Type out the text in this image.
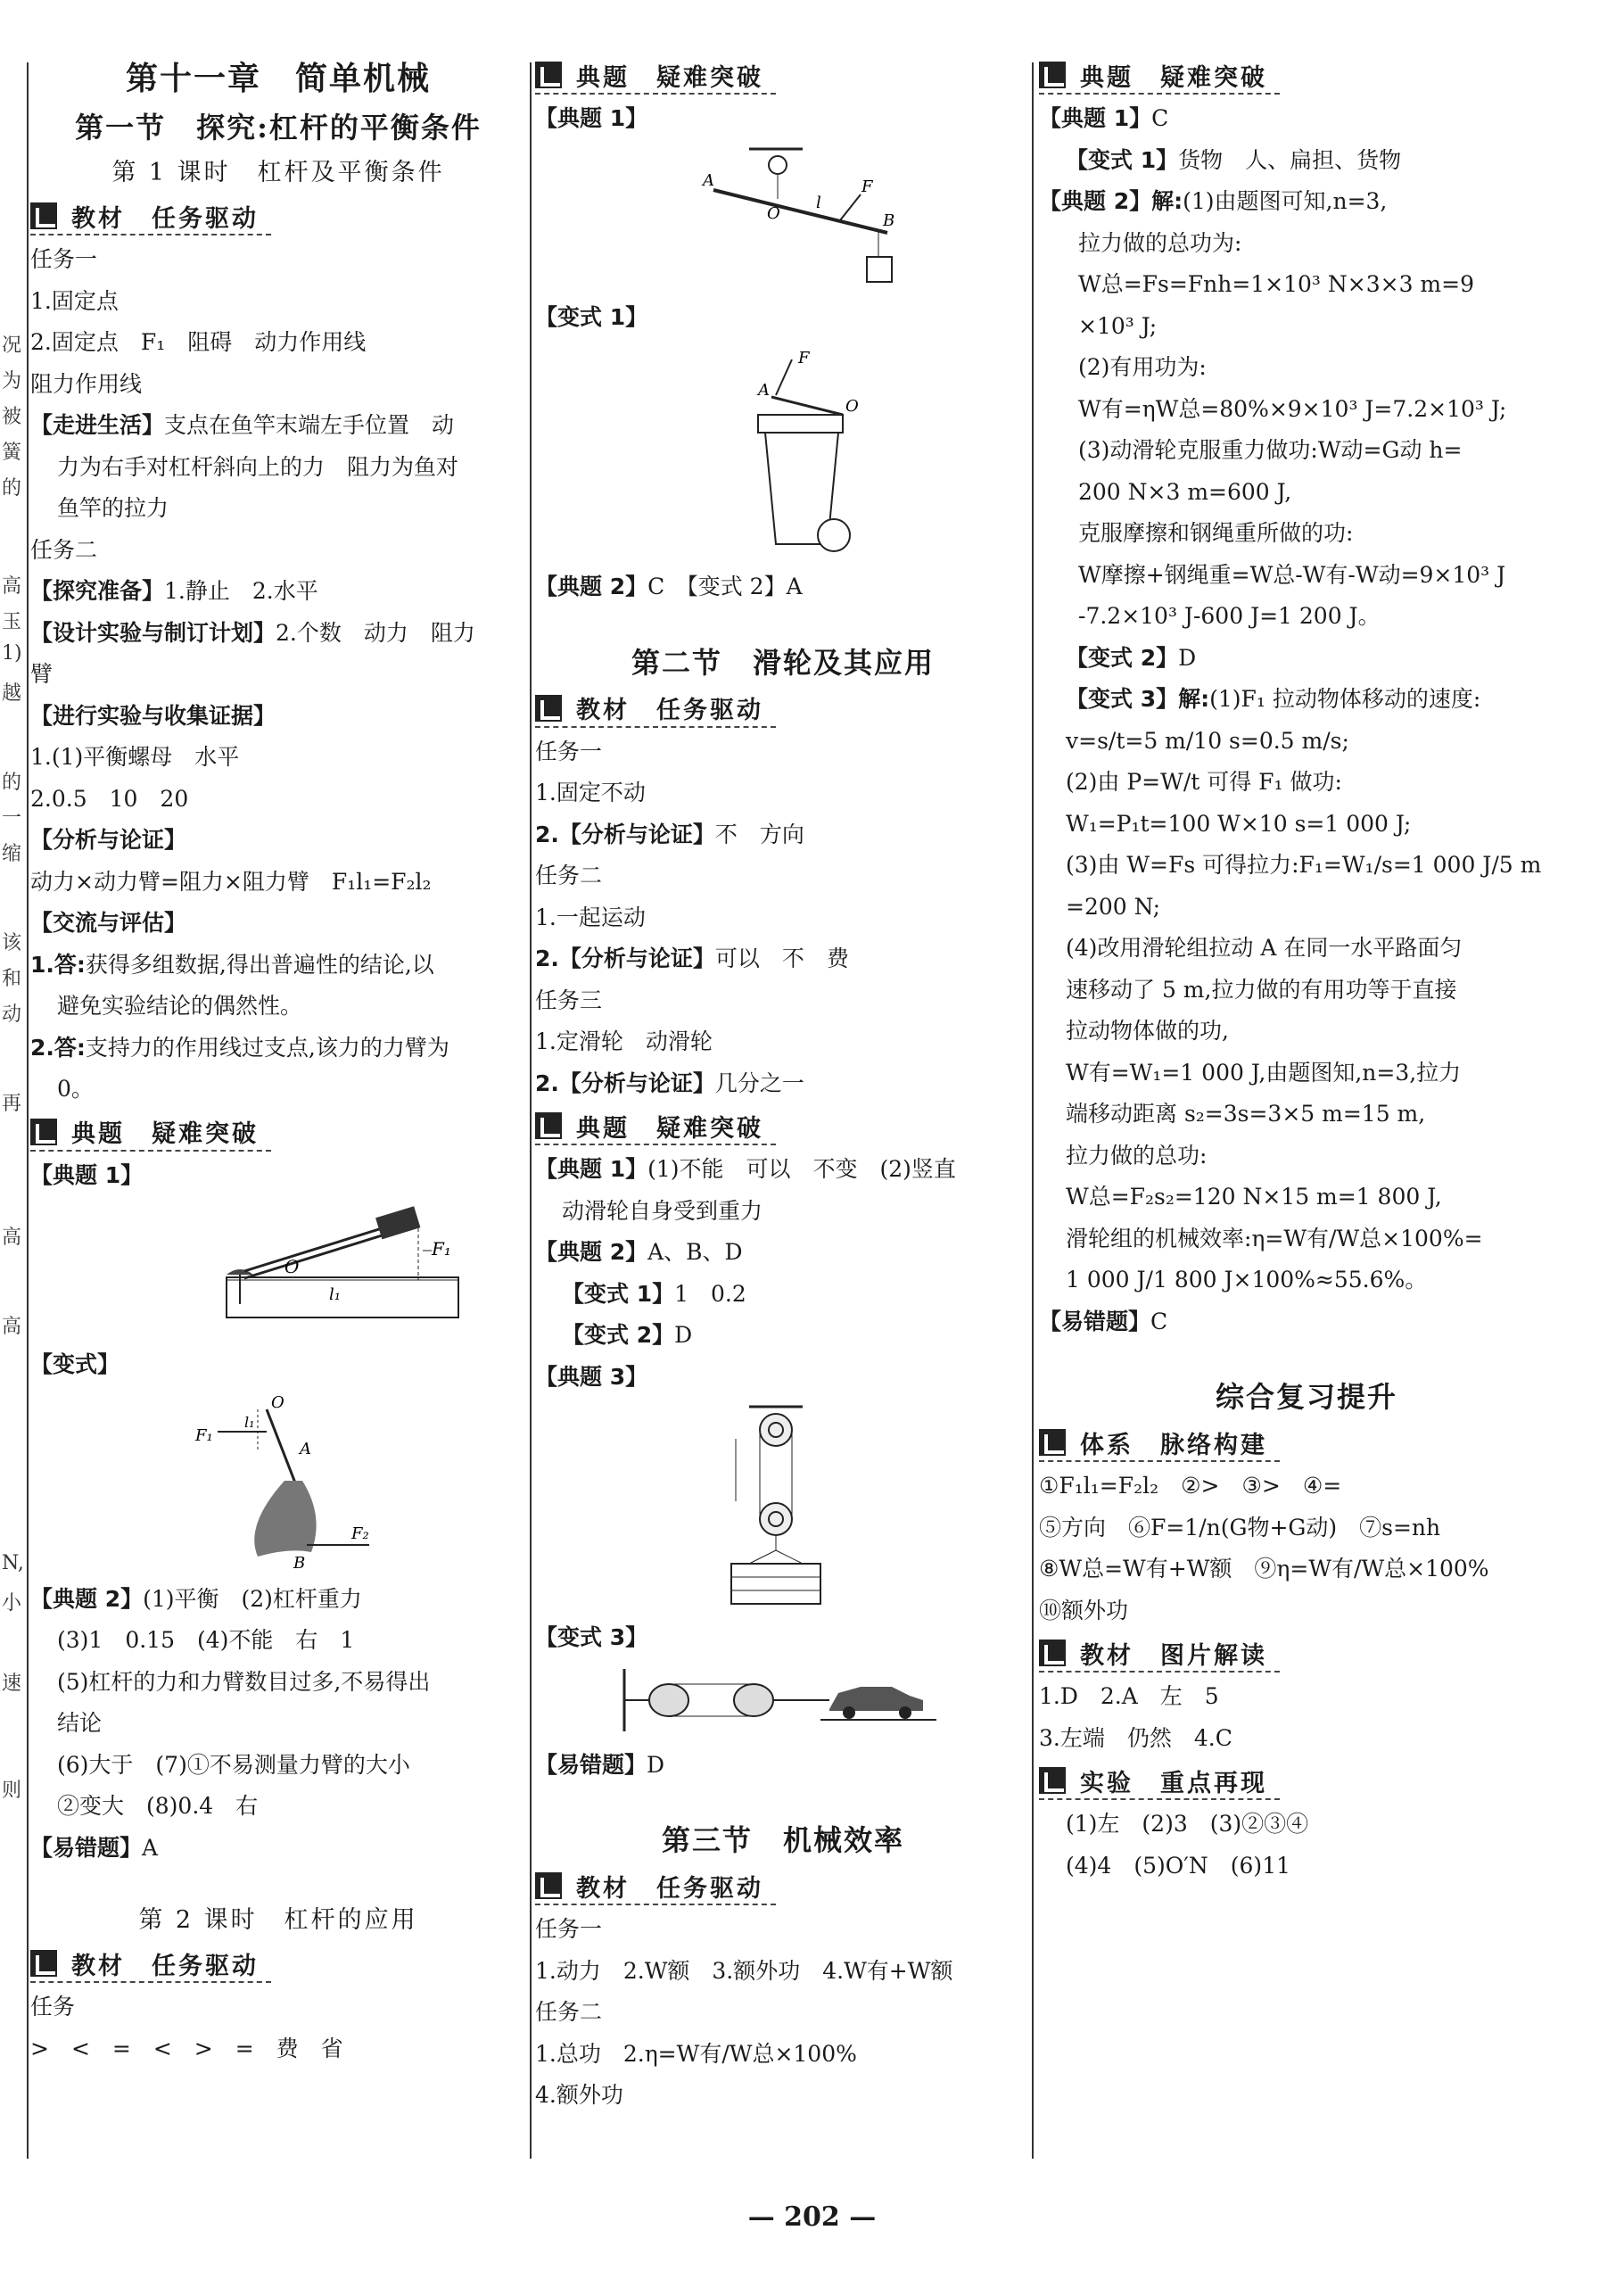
况
为
被
簧
的
高
玉
1)
越
的
一
缩
该
和
动
再
高
高
N,
小
速
则
第十一章　简单机械
第一节　探究:杠杆的平衡条件
第 1 课时　杠杆及平衡条件
教材　任务驱动
任务一
1.固定点
2.固定点　F₁　阻碍　动力作用线
阻力作用线
【走进生活】支点在鱼竿末端左手位置　动
力为右手对杠杆斜向上的力　阻力为鱼对
鱼竿的拉力
任务二
【探究准备】1.静止　2.水平
【设计实验与制订计划】2.个数　动力　阻力
臂
【进行实验与收集证据】
1.(1)平衡螺母　水平
2.0.5　10　20
【分析与论证】
动力×动力臂=阻力×阻力臂　F₁l₁=F₂l₂
【交流与评估】
1.答:获得多组数据,得出普遍性的结论,以
避免实验结论的偶然性。
2.答:支持力的作用线过支点,该力的力臂为
0。
典题　疑难突破
【典题 1】
O
F₁
l₁
【变式】
O
F₁
l₁
A
F₂
B
【典题 2】(1)平衡　(2)杠杆重力
(3)1　0.15　(4)不能　右　1
(5)杠杆的力和力臂数目过多,不易得出
结论
(6)大于　(7)①不易测量力臂的大小
②变大　(8)0.4　右
【易错题】A
第 2 课时　杠杆的应用
教材　任务驱动
任务
>　<　=　<　>　=　费　省
典题　疑难突破
【典题 1】
A
O
l
F
B
【变式 1】
F
A
O
【典题 2】C　【变式 2】A
第二节　滑轮及其应用
教材　任务驱动
任务一
1.固定不动
2.【分析与论证】不　方向
任务二
1.一起运动
2.【分析与论证】可以　不　费
任务三
1.定滑轮　动滑轮
2.【分析与论证】几分之一
典题　疑难突破
【典题 1】(1)不能　可以　不变　(2)竖直
动滑轮自身受到重力
【典题 2】A、B、D
【变式 1】1　0.2
【变式 2】D
【典题 3】
【变式 3】
【易错题】D
第三节　机械效率
教材　任务驱动
任务一
1.动力　2.W额　3.额外功　4.W有+W额
任务二
1.总功　2.η=W有/W总×100%
4.额外功
典题　疑难突破
【典题 1】C
【变式 1】货物　人、扁担、货物
【典题 2】解:(1)由题图可知,n=3,
拉力做的总功为:
W总=Fs=Fnh=1×10³ N×3×3 m=9
×10³ J;
(2)有用功为:
W有=ηW总=80%×9×10³ J=7.2×10³ J;
(3)动滑轮克服重力做功:W动=G动 h=
200 N×3 m=600 J,
克服摩擦和钢绳重所做的功:
W摩擦+钢绳重=W总-W有-W动=9×10³ J
-7.2×10³ J-600 J=1 200 J。
【变式 2】D
【变式 3】解:(1)F₁ 拉动物体移动的速度:
v=s/t=5 m/10 s=0.5 m/s;
(2)由 P=W/t 可得 F₁ 做功:
W₁=P₁t=100 W×10 s=1 000 J;
(3)由 W=Fs 可得拉力:F₁=W₁/s=1 000 J/5 m
=200 N;
(4)改用滑轮组拉动 A 在同一水平路面匀
速移动了 5 m,拉力做的有用功等于直接
拉动物体做的功,
W有=W₁=1 000 J,由题图知,n=3,拉力
端移动距离 s₂=3s=3×5 m=15 m,
拉力做的总功:
W总=F₂s₂=120 N×15 m=1 800 J,
滑轮组的机械效率:η=W有/W总×100%=
1 000 J/1 800 J×100%≈55.6%。
【易错题】C
综合复习提升
体系　脉络构建
①F₁l₁=F₂l₂　②>　③>　④=
⑤方向　⑥F=1/n(G物+G动)　⑦s=nh
⑧W总=W有+W额　⑨η=W有/W总×100%
⑩额外功
教材　图片解读
1.D　2.A　左　5
3.左端　仍然　4.C
实验　重点再现
(1)左　(2)3　(3)②③④
(4)4　(5)O′N　(6)11
— 202 —
